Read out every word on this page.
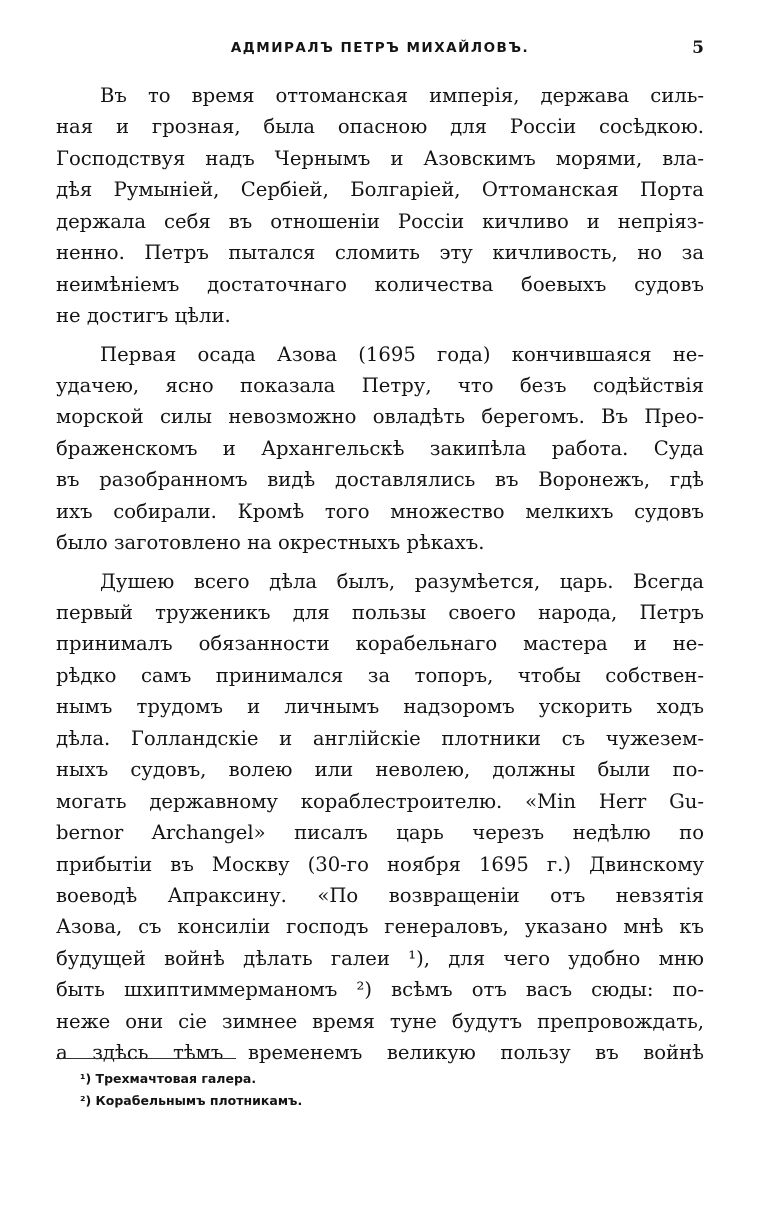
АДМИРАЛЪ ПЕТРЪ МИХАЙЛОВЪ.	5
Въ то время оттоманская имперія, держава силь-
ная и грозная, была опасною для Россіи сосѣдкою.
Господствуя надъ Чернымъ и Азовскимъ морями, вла-
дѣя Румыніей, Сербіей, Болгаріей, Оттоманская Порта
держала себя въ отношеніи Россіи кичливо и непріяз-
ненно. Петръ пытался сломить эту кичливость, но за
неимѣніемъ достаточнаго количества боевыхъ судовъ
не достигъ цѣли.
Первая осада Азова (1695 года) кончившаяся не-
удачею, ясно показала Петру, что безъ содѣйствія
морской силы невозможно овладѣть берегомъ. Въ Прео-
браженскомъ и Архангельскѣ закипѣла работа. Суда
въ разобранномъ видѣ доставлялись въ Воронежъ, гдѣ
ихъ собирали. Кромѣ того множество мелкихъ судовъ
было заготовлено на окрестныхъ рѣкахъ.
Душею всего дѣла былъ, разумѣется, царь. Всегда
первый труженикъ для пользы своего народа, Петръ
принималъ обязанности корабельнаго мастера и не-
рѣдко самъ принимался за топоръ, чтобы собствен-
нымъ трудомъ и личнымъ надзоромъ ускорить ходъ
дѣла. Голландскіе и англійскіе плотники съ чужезем-
ныхъ судовъ, волею или неволею, должны были по-
могать державному кораблестроителю. «Min Herr Gu-
bernor Archangel» писалъ царь черезъ недѣлю по
прибытіи въ Москву (30-го ноября 1695 г.) Двинскому
воеводѣ Апраксину. «По возвращеніи отъ невзятія
Азова, съ консиліи господъ генераловъ, указано мнѣ къ
будущей войнѣ дѣлать галеи ¹), для чего удобно мню
быть шхиптиммерманомъ ²) всѣмъ отъ васъ сюды: по-
неже они сіе зимнее время туне будутъ препровождать,
а здѣсь тѣмъ временемъ великую пользу въ войнѣ
¹) Трехмачтовая галера.
²) Корабельнымъ плотникамъ.
